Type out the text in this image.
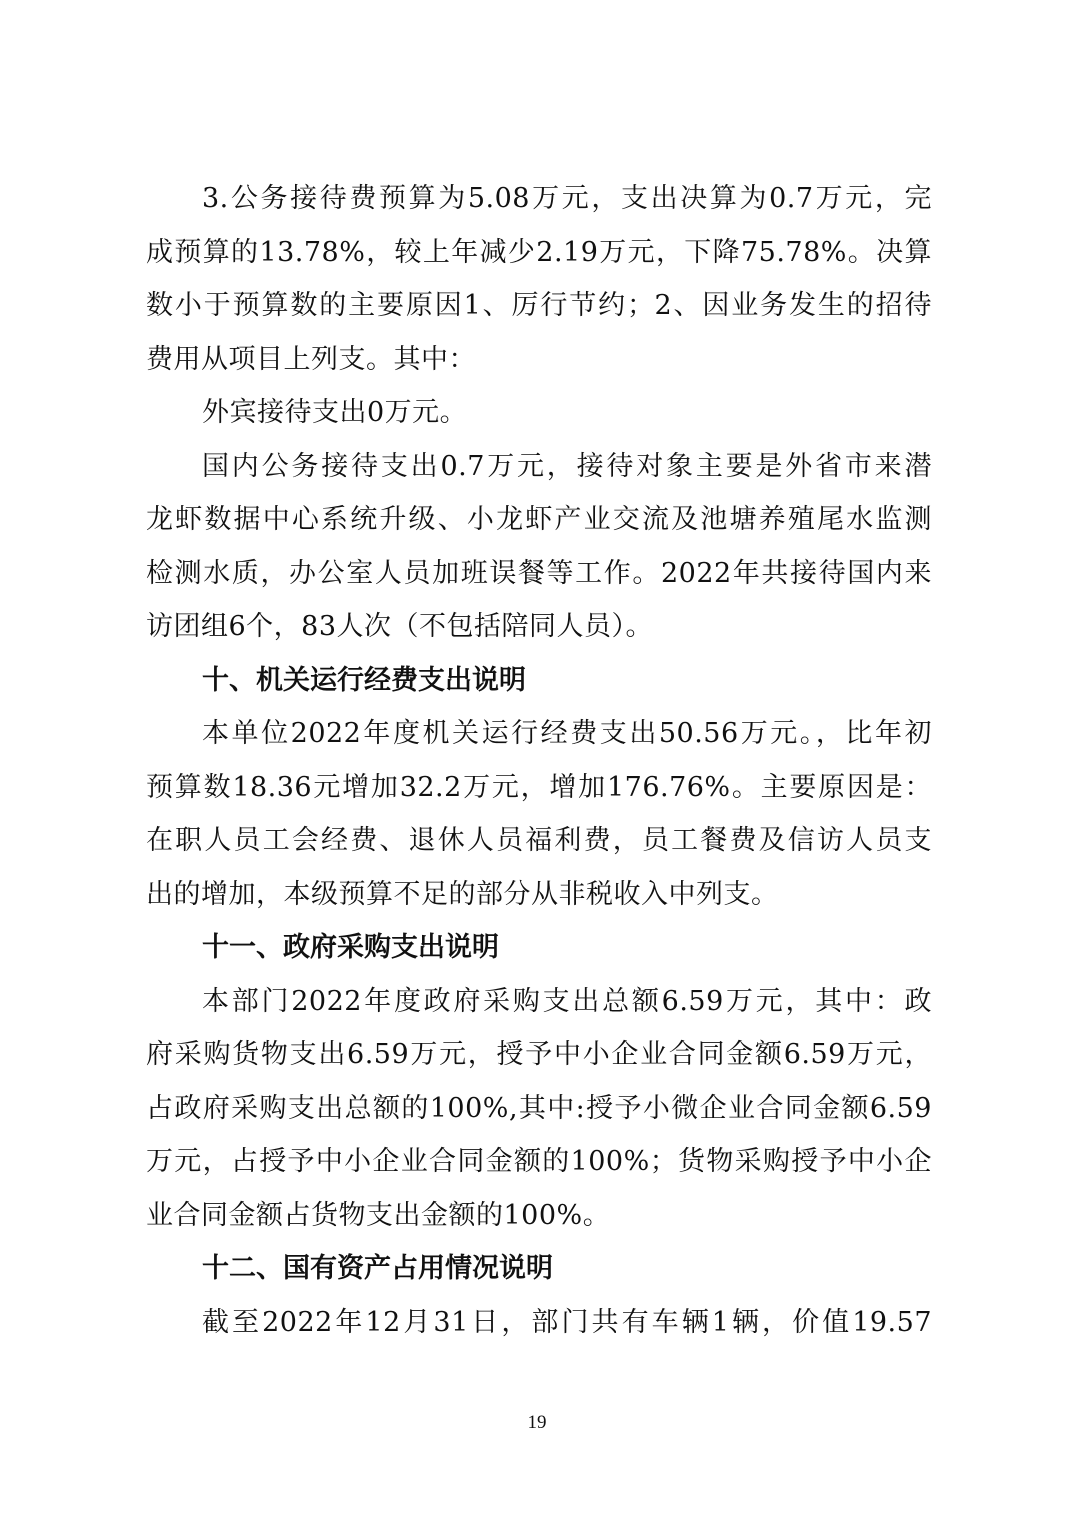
3.公务接待费预算为5.08万元，支出决算为0.7万元，完
成预算的13.78%，较上年减少2.19万元，下降75.78%。决算
数小于预算数的主要原因1、厉行节约；2、因业务发生的招待
费用从项目上列支。其中：
外宾接待支出0万元。
国内公务接待支出0.7万元，接待对象主要是外省市来潜
龙虾数据中心系统升级、小龙虾产业交流及池塘养殖尾水监测
检测水质，办公室人员加班误餐等工作。2022年共接待国内来
访团组6个，83人次（不包括陪同人员）。
十、机关运行经费支出说明
本单位2022年度机关运行经费支出50.56万元。，比年初
预算数18.36元增加32.2万元，增加176.76%。主要原因是：
在职人员工会经费、退休人员福利费，员工餐费及信访人员支
出的增加，本级预算不足的部分从非税收入中列支。
十一、政府采购支出说明
本部门2022年度政府采购支出总额6.59万元，其中：政
府采购货物支出6.59万元，授予中小企业合同金额6.59万元，
占政府采购支出总额的100%,其中:授予小微企业合同金额6.59
万元，占授予中小企业合同金额的100%；货物采购授予中小企
业合同金额占货物支出金额的100%。
十二、国有资产占用情况说明
截至2022年12月31日，部门共有车辆1辆，价值19.57
19
